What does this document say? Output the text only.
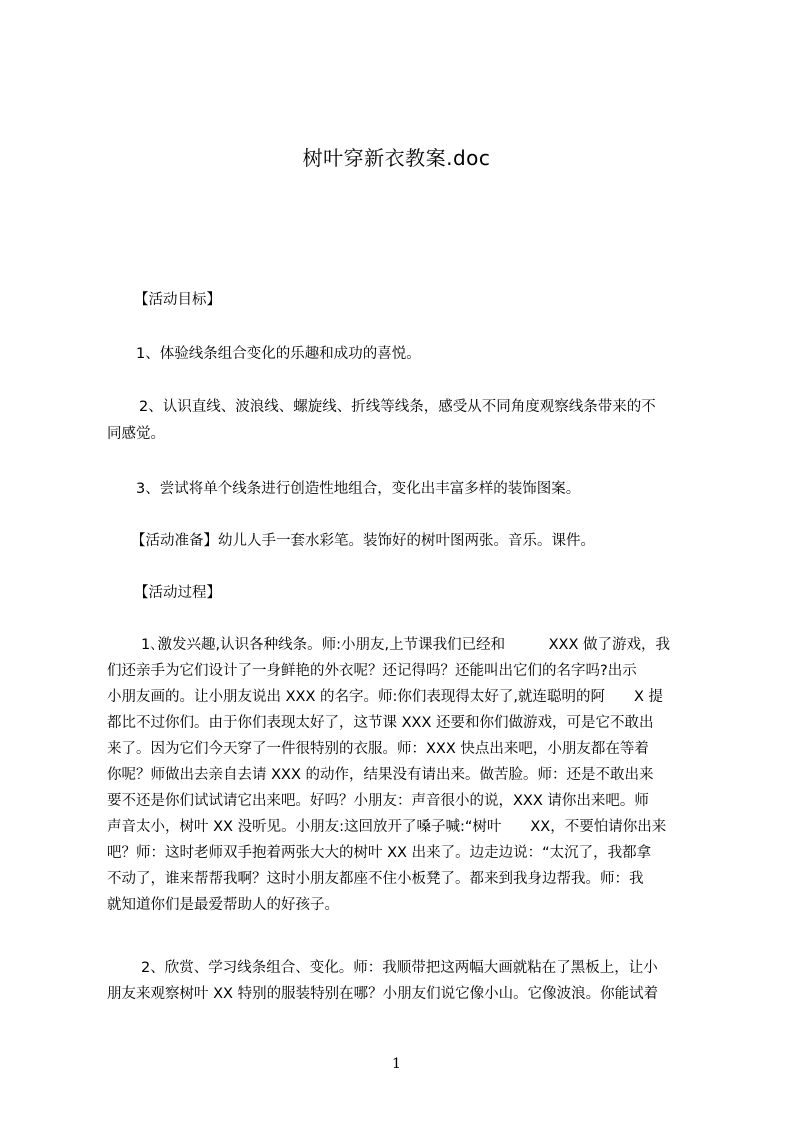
树叶穿新衣教案.doc
【活动目标】
1、体验线条组合变化的乐趣和成功的喜悦。
2、认识直线、波浪线、螺旋线、折线等线条，感受从不同角度观察线条带来的不
同感觉。
3、尝试将单个线条进行创造性地组合，变化出丰富多样的装饰图案。
【活动准备】幼儿人手一套水彩笔。装饰好的树叶图两张。音乐。课件。
【活动过程】
1､激发兴趣,认识各种线条。师:小朋友,上节课我们已经和　　　XXX 做了游戏，我
们还亲手为它们设计了一身鲜艳的外衣呢？还记得吗？还能叫出它们的名字吗?出示
小朋友画的。让小朋友说出 XXX 的名字。师:你们表现得太好了,就连聪明的阿　　X 提
都比不过你们。由于你们表现太好了，这节课 XXX 还要和你们做游戏，可是它不敢出
来了。因为它们今天穿了一件很特别的衣服。师：XXX 快点出来吧，小朋友都在等着
你呢？师做出去亲自去请 XXX 的动作，结果没有请出来。做苦脸。师：还是不敢出来
要不还是你们试试请它出来吧。好吗？小朋友：声音很小的说，XXX 请你出来吧。师
声音太小，树叶 XX 没听见。小朋友:这回放开了嗓子喊:“树叶　　XX，不要怕请你出来
吧？师：这时老师双手抱着两张大大的树叶 XX 出来了。边走边说：“太沉了，我都拿
不动了，谁来帮帮我啊？这时小朋友都座不住小板凳了。都来到我身边帮我。师：我
就知道你们是最爱帮助人的好孩子。
2、欣赏、学习线条组合、变化。师：我顺带把这两幅大画就粘在了黑板上，让小
朋友来观察树叶 XX 特别的服装特别在哪？小朋友们说它像小山。它像波浪。你能试着
1
